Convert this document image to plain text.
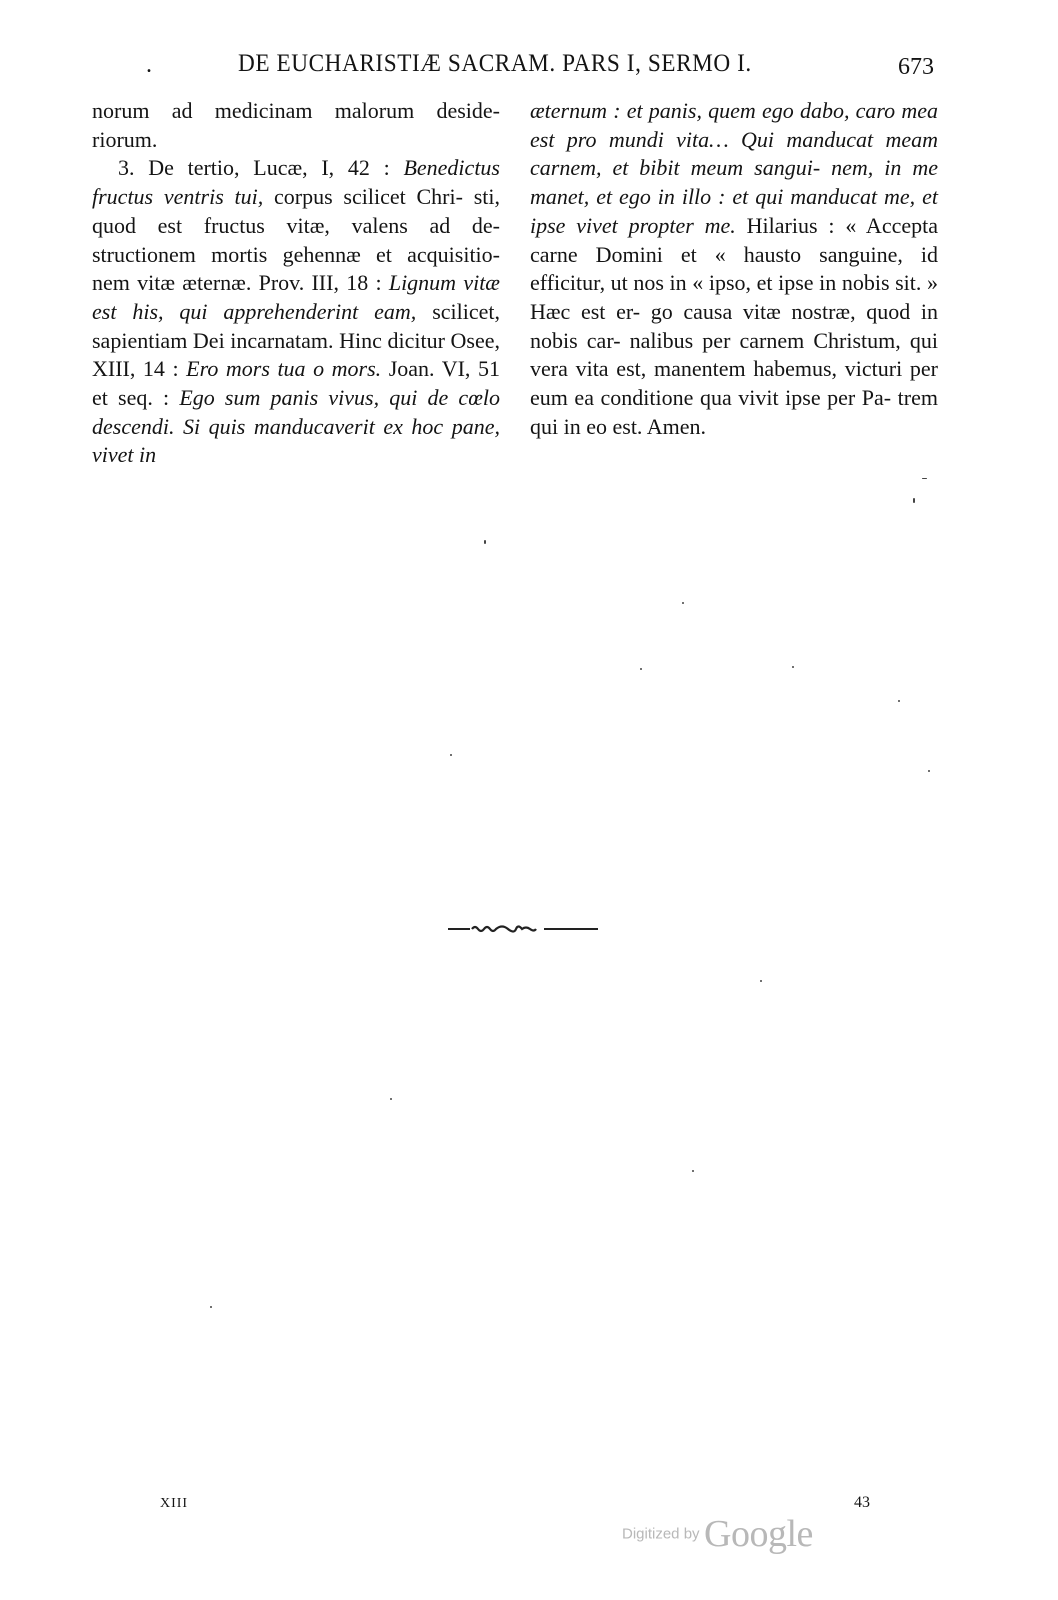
.	DE EUCHARISTIÆ SACRAM. PARS I, SERMO I.	673

norum ad medicinam malorum deside- riorum.

3. De tertio, Lucæ, I, 42 : Benedictus fructus ventris tui, corpus scilicet Chri- sti, quod est fructus vitæ, valens ad de- structionem mortis gehennæ et acquisitio- nem vitæ æternæ. Prov. III, 18 : Lignum vitæ est his, qui apprehenderint eam, scilicet, sapientiam Dei incarnatam. Hinc dicitur Osee, XIII, 14 : Ero mors tua o mors. Joan. VI, 51 et seq. : Ego sum panis vivus, qui de cœlo descendi. Si quis manducaverit ex hoc pane, vivet in

æternum : et panis, quem ego dabo, caro mea est pro mundi vita… Qui manducat meam carnem, et bibit meum sangui- nem, in me manet, et ego in illo : et qui manducat me, et ipse vivet propter me. Hilarius : « Accepta carne Domini et « hausto sanguine, id efficitur, ut nos in « ipso, et ipse in nobis sit. » Hæc est er- go causa vitæ nostræ, quod in nobis car- nalibus per carnem Christum, qui vera vita est, manentem habemus, victuri per eum ea conditione qua vivit ipse per Pa- trem qui in eo est. Amen.

XIII	43
Digitized by Google
